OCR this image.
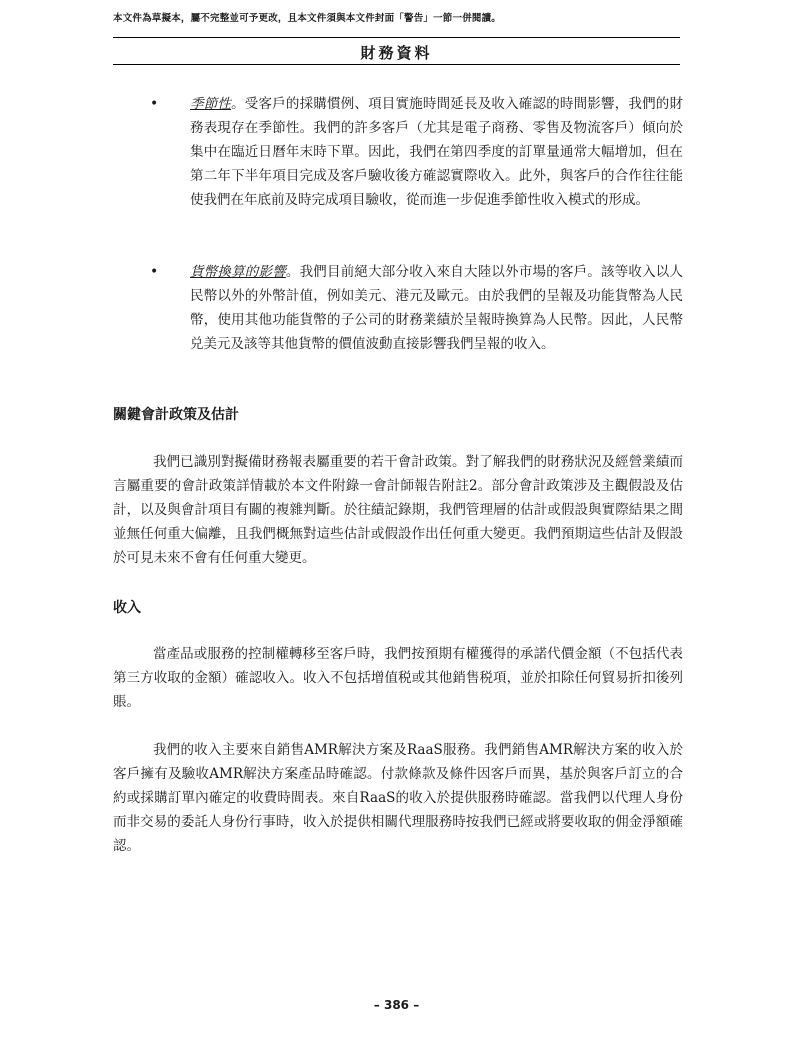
本文件為草擬本，屬不完整並可予更改，且本文件須與本文件封面「警告」一節一併閱讀。
財務資料
• 季節性。受客戶的採購慣例、項目實施時間延長及收入確認的時間影響，我們的財務表現存在季節性。我們的許多客戶（尤其是電子商務、零售及物流客戶）傾向於集中在臨近日曆年末時下單。因此，我們在第四季度的訂單量通常大幅增加，但在第二年下半年項目完成及客戶驗收後方確認實際收入。此外，與客戶的合作往往能使我們在年底前及時完成項目驗收，從而進一步促進季節性收入模式的形成。
• 貨幣換算的影響。我們目前絕大部分收入來自大陸以外市場的客戶。該等收入以人民幣以外的外幣計值，例如美元、港元及歐元。由於我們的呈報及功能貨幣為人民幣，使用其他功能貨幣的子公司的財務業績於呈報時換算為人民幣。因此，人民幣兑美元及該等其他貨幣的價值波動直接影響我們呈報的收入。
關鍵會計政策及估計
我們已識別對擬備財務報表屬重要的若干會計政策。對了解我們的財務狀況及經營業績而言屬重要的會計政策詳情載於本文件附錄一會計師報告附註2。部分會計政策涉及主觀假設及估計，以及與會計項目有關的複雜判斷。於往績記錄期，我們管理層的估計或假設與實際結果之間並無任何重大偏離，且我們概無對這些估計或假設作出任何重大變更。我們預期這些估計及假設於可見未來不會有任何重大變更。
收入
當產品或服務的控制權轉移至客戶時，我們按預期有權獲得的承諾代價金額（不包括代表第三方收取的金額）確認收入。收入不包括增值税或其他銷售税項，並於扣除任何貿易折扣後列賬。
我們的收入主要來自銷售AMR解決方案及RaaS服務。我們銷售AMR解決方案的收入於客戶擁有及驗收AMR解決方案產品時確認。付款條款及條件因客戶而異，基於與客戶訂立的合約或採購訂單內確定的收費時間表。來自RaaS的收入於提供服務時確認。當我們以代理人身份而非交易的委託人身份行事時，收入於提供相關代理服務時按我們已經或將要收取的佣金淨額確認。
– 386 –
